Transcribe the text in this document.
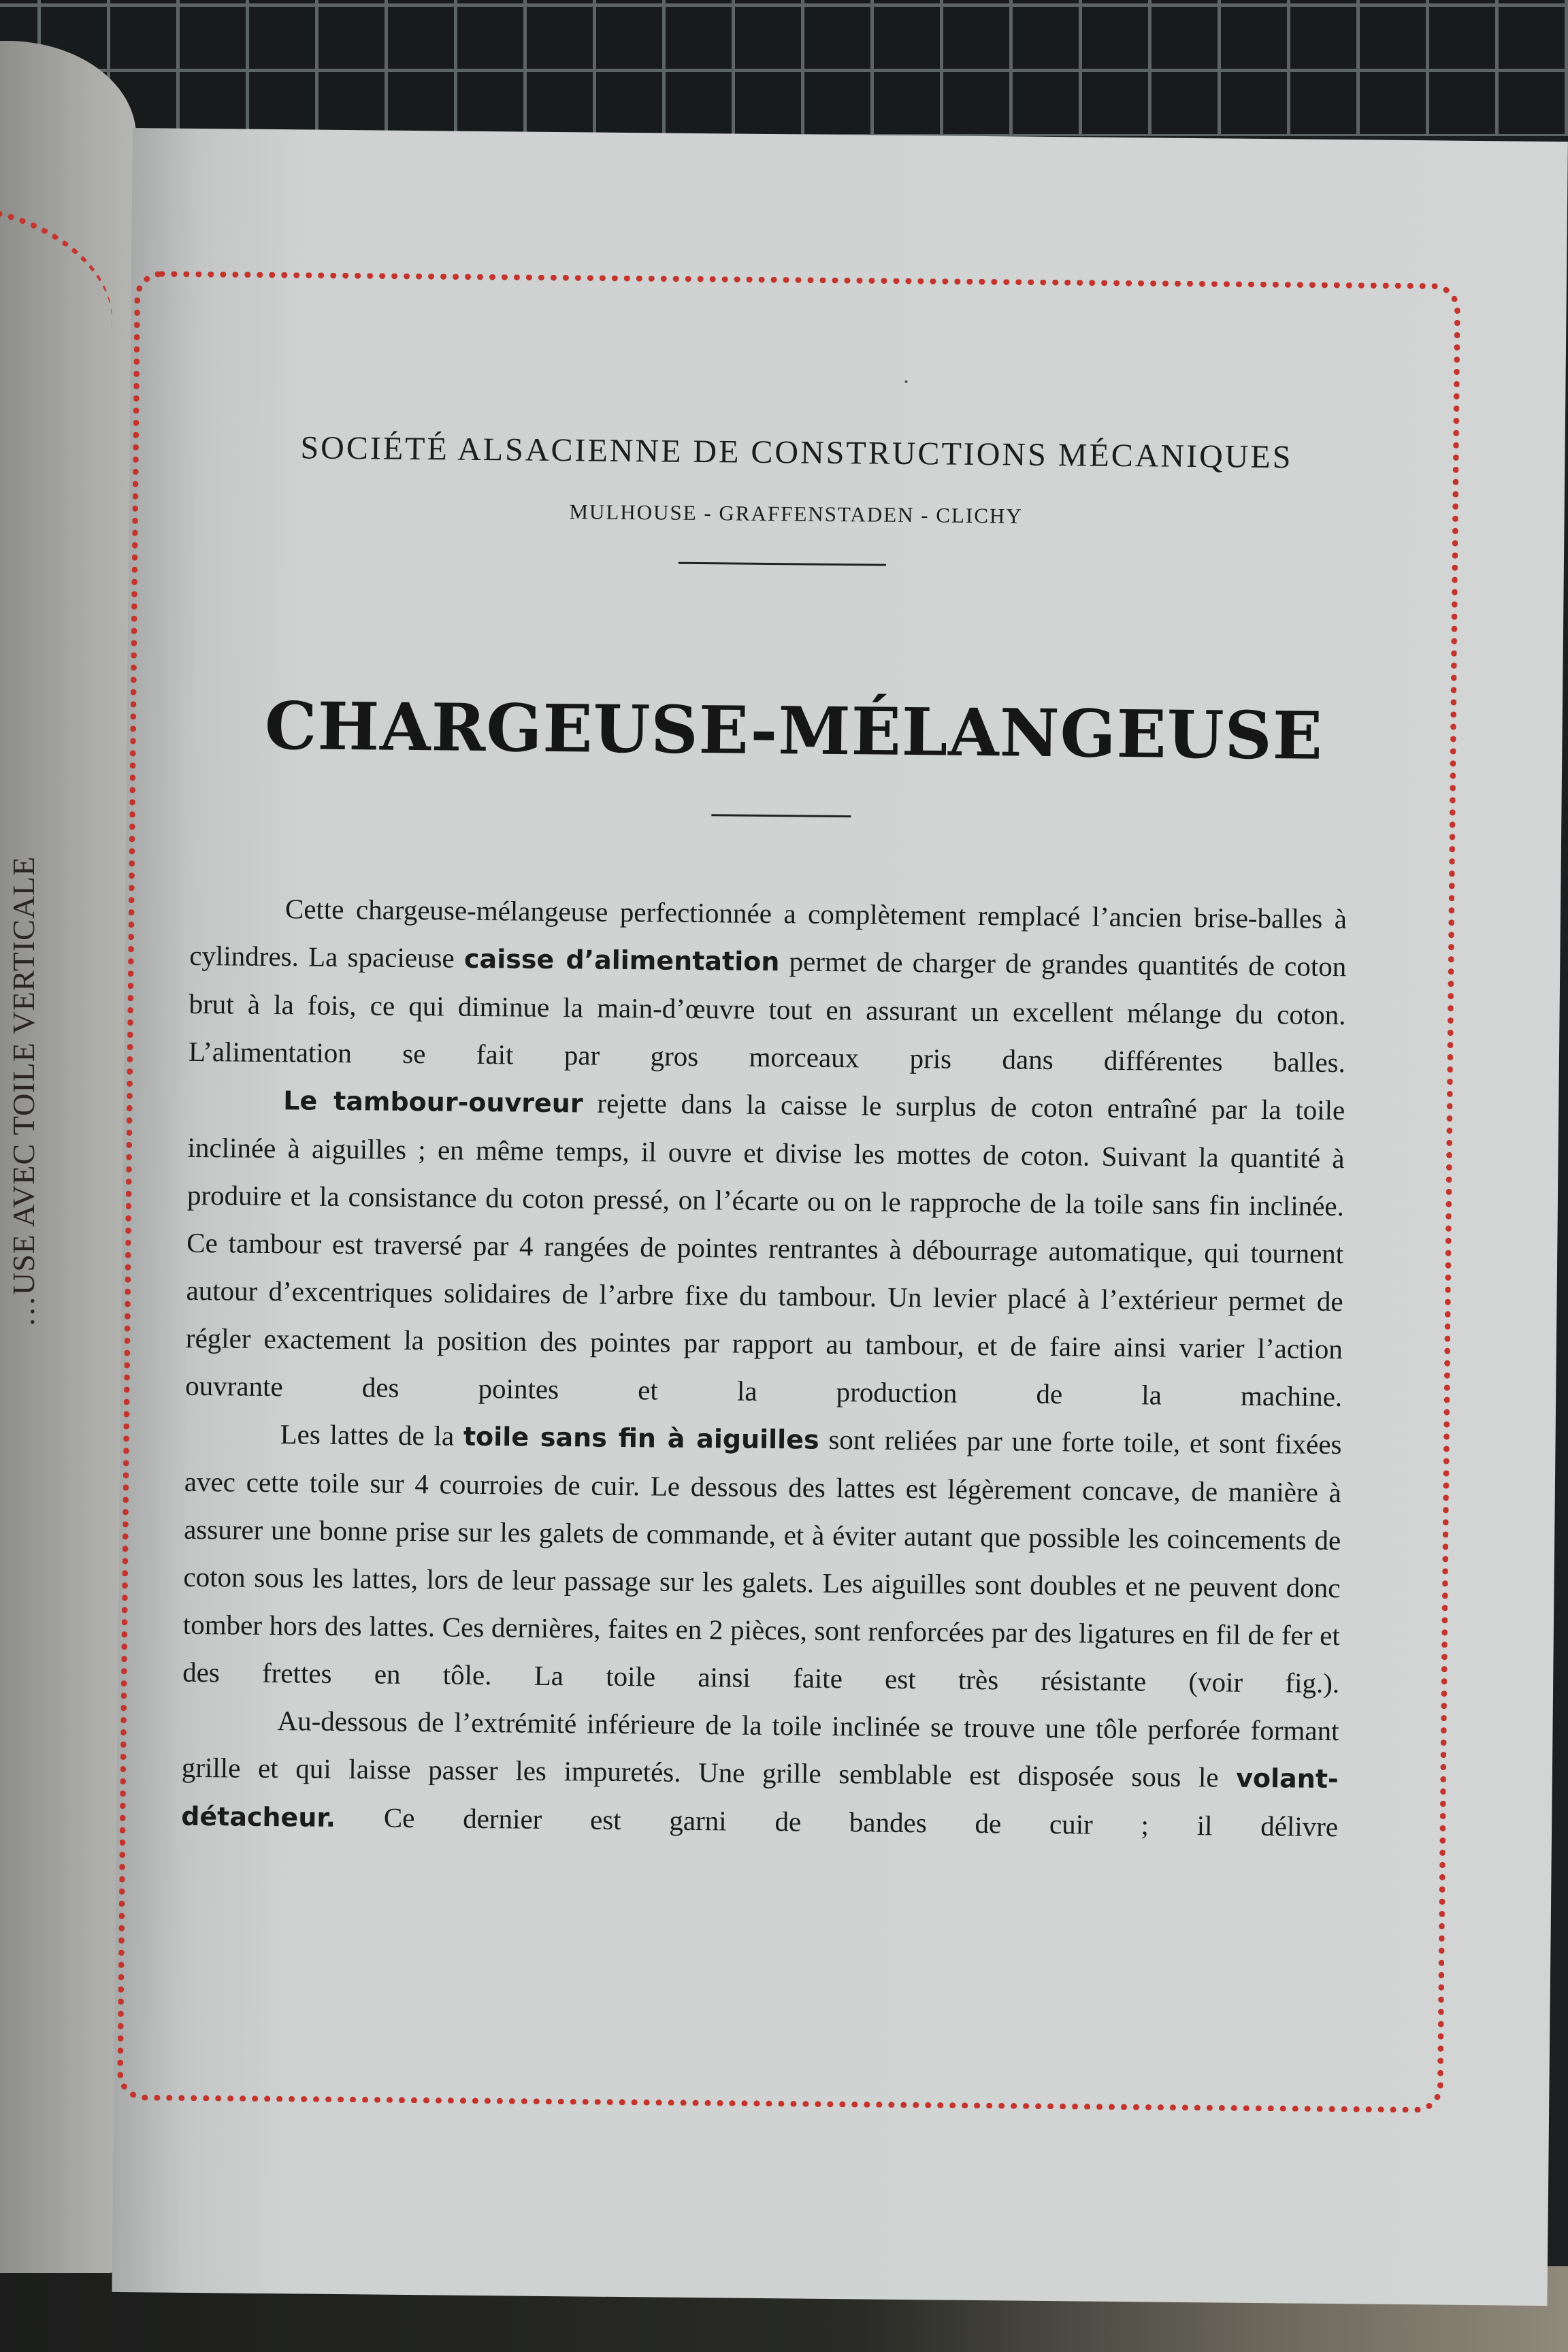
…USE AVEC TOILE VERTICALE
SOCIÉTÉ ALSACIENNE DE CONSTRUCTIONS MÉCANIQUES
MULHOUSE - GRAFFENSTADEN - CLICHY
CHARGEUSE-MÉLANGEUSE

Cette chargeuse-mélangeuse perfectionnée a complètement remplacé l’ancien brise-balles à cylindres. La spacieuse caisse d’alimentation permet de charger de grandes quantités de coton brut à la fois, ce qui diminue la main-d’œuvre tout en assurant un excellent mélange du coton. L’alimentation se fait par gros morceaux pris dans différentes balles.

Le tambour-ouvreur rejette dans la caisse le surplus de coton entraîné par la toile inclinée à aiguilles ; en même temps, il ouvre et divise les mottes de coton. Suivant la quantité à produire et la consistance du coton pressé, on l’écarte ou on le rapproche de la toile sans fin inclinée. Ce tambour est traversé par 4 rangées de pointes rentrantes à débourrage automatique, qui tournent autour d’excentriques solidaires de l’arbre fixe du tambour. Un levier placé à l’extérieur permet de régler exactement la position des pointes par rapport au tambour, et de faire ainsi varier l’action ouvrante des pointes et la production de la machine.

Les lattes de la toile sans fin à aiguilles sont reliées par une forte toile, et sont fixées avec cette toile sur 4 courroies de cuir. Le dessous des lattes est légèrement concave, de manière à assurer une bonne prise sur les galets de commande, et à éviter autant que possible les coincements de coton sous les lattes, lors de leur passage sur les galets. Les aiguilles sont doubles et ne peuvent donc tomber hors des lattes. Ces dernières, faites en 2 pièces, sont renforcées par des ligatures en fil de fer et des frettes en tôle. La toile ainsi faite est très résistante (voir fig.).

Au-dessous de l’extrémité inférieure de la toile inclinée se trouve une tôle perforée formant grille et qui laisse passer les impuretés. Une grille semblable est disposée sous le volant-détacheur. Ce dernier est garni de bandes de cuir ; il délivre
